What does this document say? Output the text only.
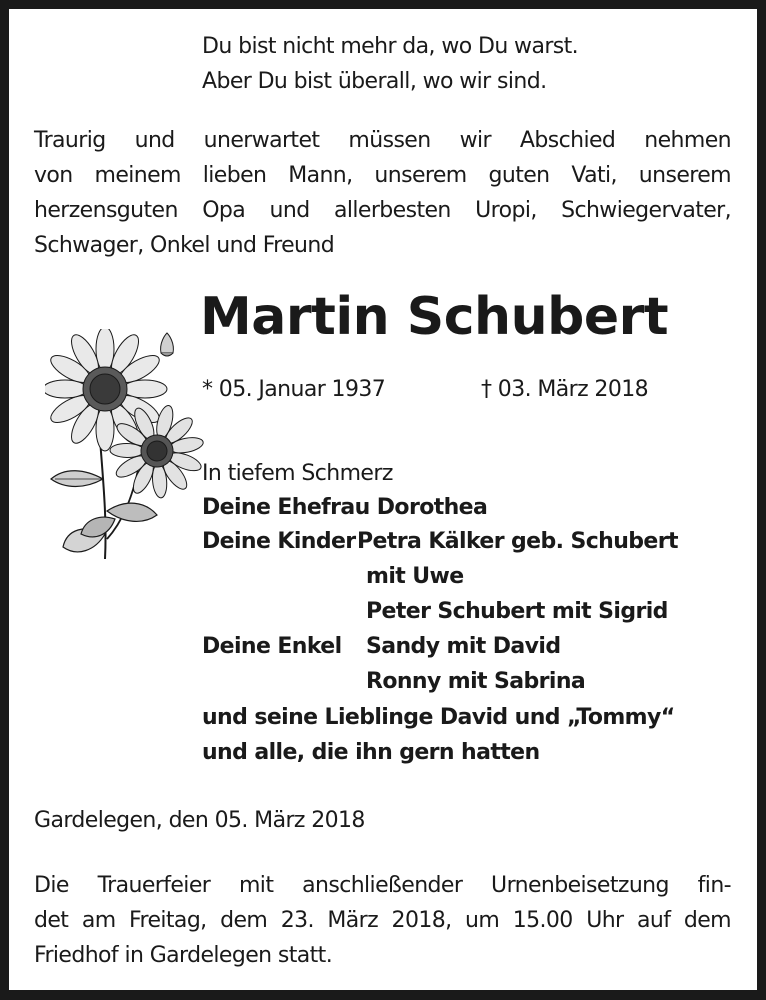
Du bist nicht mehr da, wo Du warst.
Aber Du bist überall, wo wir sind.
Traurig und unerwartet müssen wir Abschied nehmen
von meinem lieben Mann, unserem guten Vati, unserem
herzensguten Opa und allerbesten Uropi, Schwiegervater,
Schwager, Onkel und Freund
Martin Schubert
* 05. Januar 1937	† 03. März 2018
In tiefem Schmerz
Deine Ehefrau Dorothea
Deine Kinder Petra Kälker geb. Schubert
mit Uwe
Peter Schubert mit Sigrid
Deine Enkel Sandy mit David
Ronny mit Sabrina
und seine Lieblinge David und „Tommy“
und alle, die ihn gern hatten
Gardelegen, den 05. März 2018
Die Trauerfeier mit anschließender Urnenbeisetzung fin-
det am Freitag, dem 23. März 2018, um 15.00 Uhr auf dem
Friedhof in Gardelegen statt.
